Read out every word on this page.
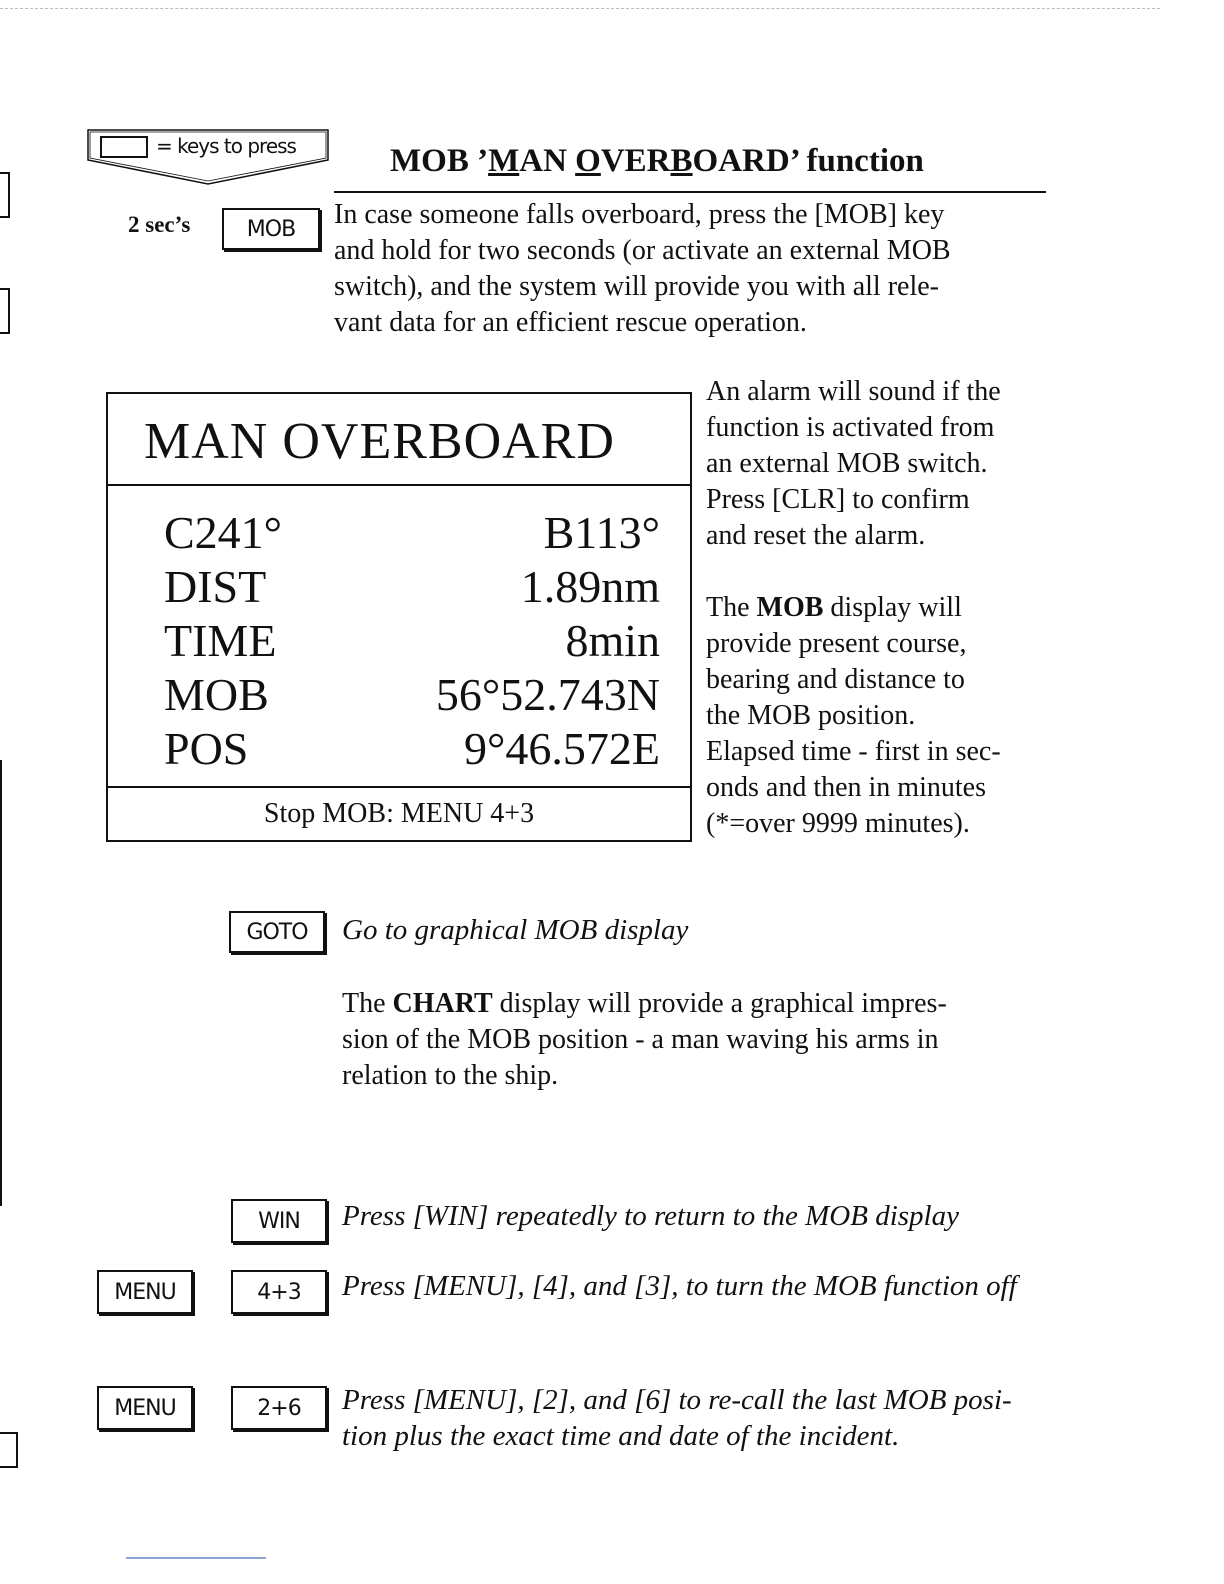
= keys to press	MOB ’MAN OVERBOARD’ function
2 sec’s	MOB	In case someone falls overboard, press the [MOB] key
and hold for two seconds (or activate an external MOB
switch), and the system will provide you with all rele-
vant data for an efficient rescue operation.
MAN OVERBOARD
C241°	B113°
DIST	1.89nm
TIME	8min
MOB	56°52.743N
POS	9°46.572E
Stop MOB: MENU 4+3
An alarm will sound if the
function is activated from
an external MOB switch.
Press [CLR] to confirm
and reset the alarm.
The MOB display will
provide present course,
bearing and distance to
the MOB position.
Elapsed time - first in sec-
onds and then in minutes
(*=over 9999 minutes).
GOTO	Go to graphical MOB display
The CHART display will provide a graphical impres-
sion of the MOB position - a man waving his arms in
relation to the ship.
WIN	Press [WIN] repeatedly to return to the MOB display
MENU	4+3	Press [MENU], [4], and [3], to turn the MOB function off
MENU	2+6	Press [MENU], [2], and [6] to re-call the last MOB posi-
tion plus the exact time and date of the incident.
